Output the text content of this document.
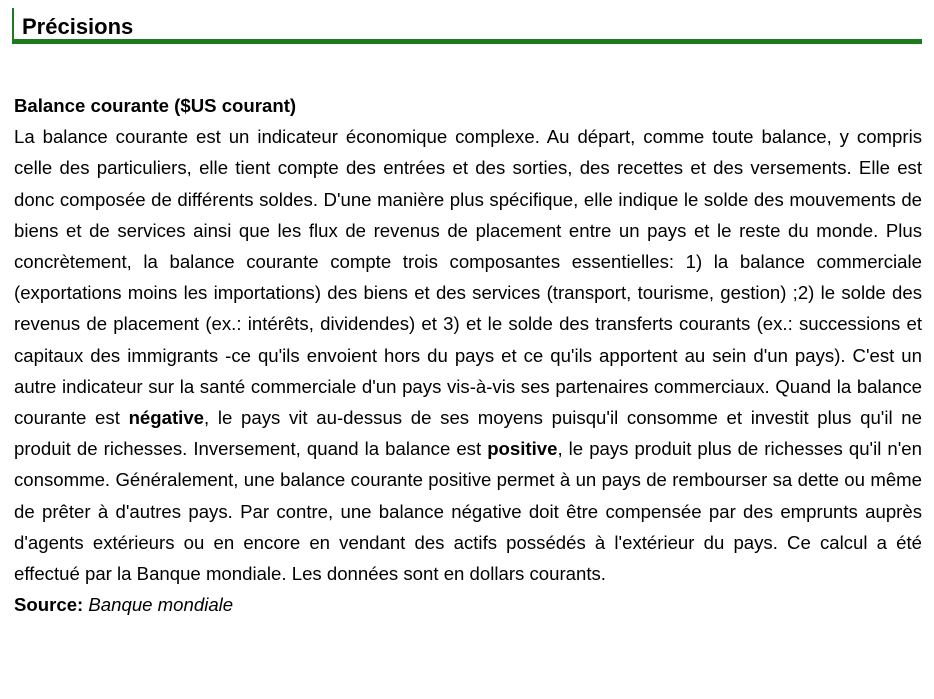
Précisions

Balance courante ($US courant)

La balance courante est un indicateur économique complexe. Au départ, comme toute balance, y compris celle des particuliers, elle tient compte des entrées et des sorties, des recettes et des versements. Elle est donc composée de différents soldes. D'une manière plus spécifique, elle indique le solde des mouvements de biens et de services ainsi que les flux de revenus de placement entre un pays et le reste du monde. Plus concrètement, la balance courante compte trois composantes essentielles: 1) la balance commerciale (exportations moins les importations) des biens et des services (transport, tourisme, gestion) ;2) le solde des revenus de placement (ex.: intérêts, dividendes) et 3) et le solde des transferts courants (ex.: successions et capitaux des immigrants -ce qu'ils envoient hors du pays et ce qu'ils apportent au sein d'un pays). C'est un autre indicateur sur la santé commerciale d'un pays vis-à-vis ses partenaires commerciaux. Quand la balance courante est négative, le pays vit au-dessus de ses moyens puisqu'il consomme et investit plus qu'il ne produit de richesses. Inversement, quand la balance est positive, le pays produit plus de richesses qu'il n'en consomme. Généralement, une balance courante positive permet à un pays de rembourser sa dette ou même de prêter à d'autres pays. Par contre, une balance négative doit être compensée par des emprunts auprès d'agents extérieurs ou en encore en vendant des actifs possédés à l'extérieur du pays. Ce calcul a été effectué par la Banque mondiale. Les données sont en dollars courants.

Source: Banque mondiale
